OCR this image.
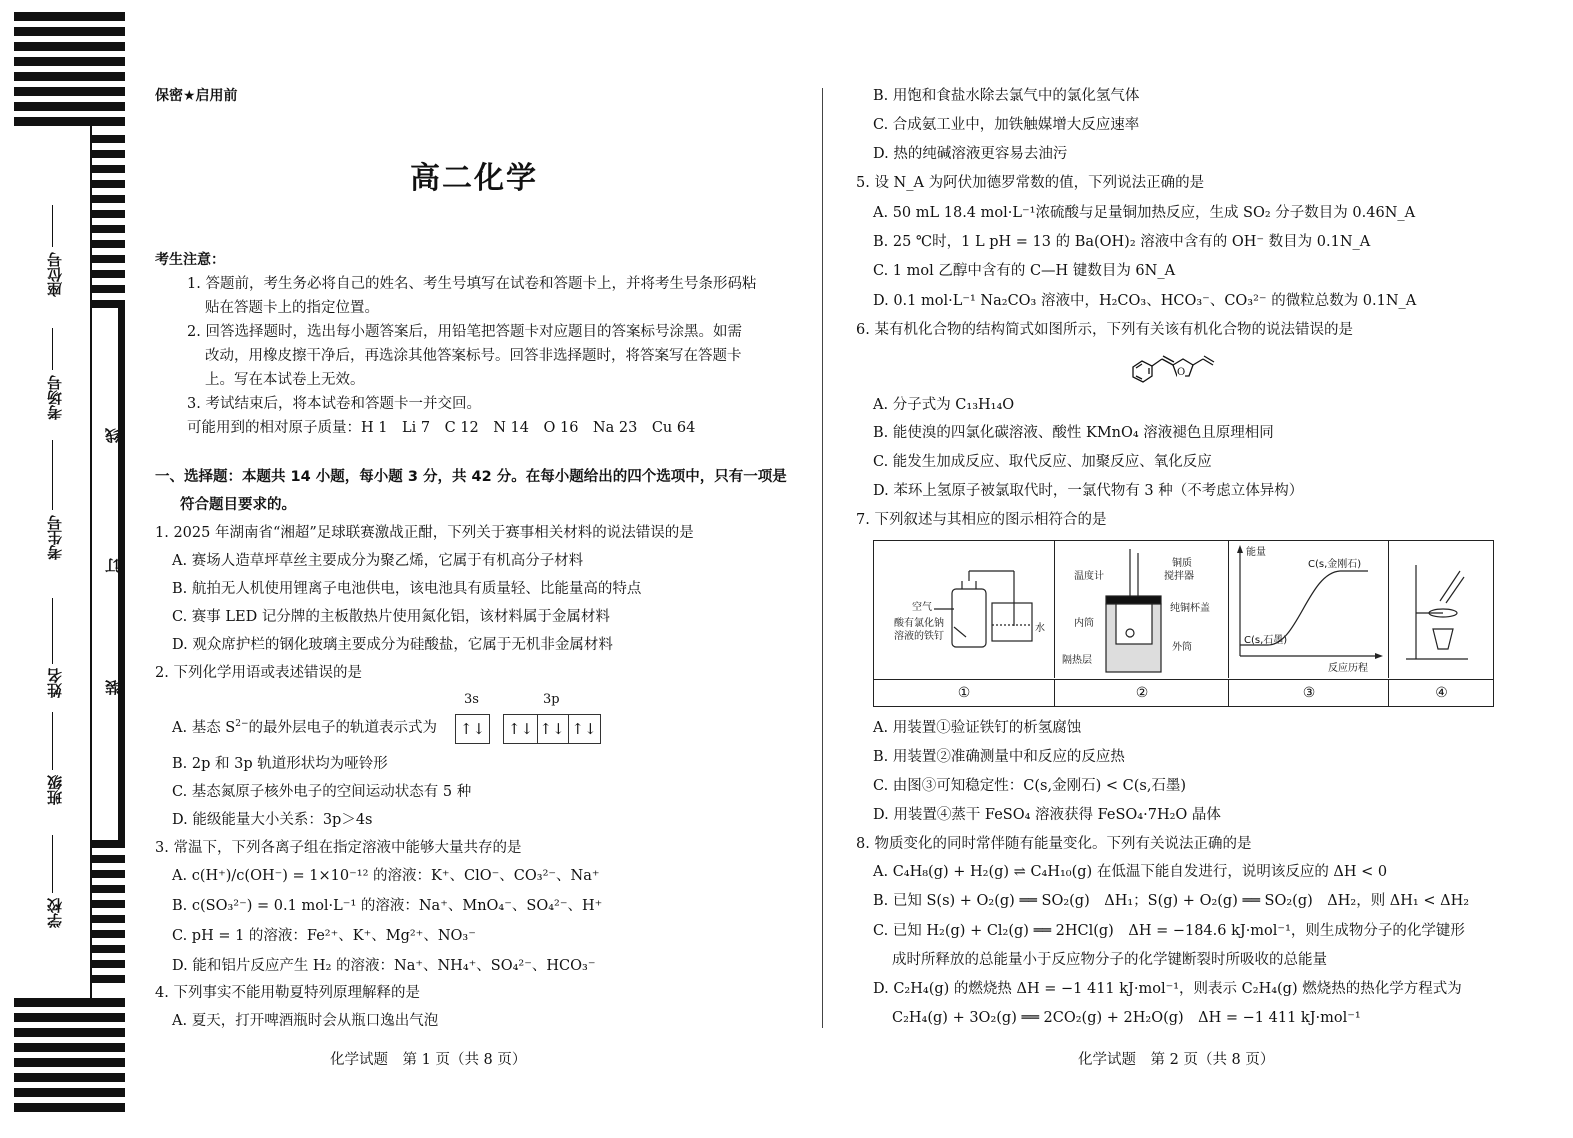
座位号
考场号
考生号
姓名
班级
学校
线
订
装
保密★启用前
高二化学
考生注意：
1. 答题前，考生务必将自己的姓名、考生号填写在试卷和答题卡上，并将考生号条形码粘
贴在答题卡上的指定位置。
2. 回答选择题时，选出每小题答案后，用铅笔把答题卡对应题目的答案标号涂黑。如需
改动，用橡皮擦干净后，再选涂其他答案标号。回答非选择题时，将答案写在答题卡
上。写在本试卷上无效。
3. 考试结束后，将本试卷和答题卡一并交回。
可能用到的相对原子质量：H 1　Li 7　C 12　N 14　O 16　Na 23　Cu 64
一、选择题：本题共 14 小题，每小题 3 分，共 42 分。在每小题给出的四个选项中，只有一项是
符合题目要求的。
1. 2025 年湖南省“湘超”足球联赛激战正酣，下列关于赛事相关材料的说法错误的是
A. 赛场人造草坪草丝主要成分为聚乙烯，它属于有机高分子材料
B. 航拍无人机使用锂离子电池供电，该电池具有质量轻、比能量高的特点
C. 赛事 LED 记分牌的主板散热片使用氮化铝，该材料属于金属材料
D. 观众席护栏的钢化玻璃主要成分为硅酸盐，它属于无机非金属材料
2. 下列化学用语或表述错误的是
3s	3p
A. 基态 $S^{2-}$的最外层电子的轨道表示式为	↑↓	↑↓ ↑↓ ↑↓
B. 2p 和 3p 轨道形状均为哑铃形
C. 基态氮原子核外电子的空间运动状态有 5 种
D. 能级能量大小关系：3p＞4s
3. 常温下，下列各离子组在指定溶液中能够大量共存的是
A. c(H⁺)/c(OH⁻) = 1×10⁻¹² 的溶液：K⁺、ClO⁻、CO₃²⁻、Na⁺
B. c(SO₃²⁻) = 0.1 mol·L⁻¹ 的溶液：Na⁺、MnO₄⁻、SO₄²⁻、H⁺
C. pH = 1 的溶液：Fe²⁺、K⁺、Mg²⁺、NO₃⁻
D. 能和铝片反应产生 H₂ 的溶液：Na⁺、NH₄⁺、SO₄²⁻、HCO₃⁻
4. 下列事实不能用勒夏特列原理解释的是
A. 夏天，打开啤酒瓶时会从瓶口逸出气泡
化学试题　第 1 页（共 8 页）
B. 用饱和食盐水除去氯气中的氯化氢气体
C. 合成氨工业中，加铁触媒增大反应速率
D. 热的纯碱溶液更容易去油污
5. 设 N_A 为阿伏加德罗常数的值，下列说法正确的是
A. 50 mL 18.4 mol·L⁻¹浓硫酸与足量铜加热反应，生成 SO₂ 分子数目为 0.46N_A
B. 25 ℃时，1 L pH = 13 的 Ba(OH)₂ 溶液中含有的 OH⁻ 数目为 0.1N_A
C. 1 mol 乙醇中含有的 C—H 键数目为 6N_A
D. 0.1 mol·L⁻¹ Na₂CO₃ 溶液中，H₂CO₃、HCO₃⁻、CO₃²⁻ 的微粒总数为 0.1N_A
6. 某有机化合物的结构简式如图所示，下列有关该有机化合物的说法错误的是
O
A. 分子式为 C₁₃H₁₄O
B. 能使溴的四氯化碳溶液、酸性 KMnO₄ 溶液褪色且原理相同
C. 能发生加成反应、取代反应、加聚反应、氧化反应
D. 苯环上氢原子被氯取代时，一氯代物有 3 种（不考虑立体异构）
7. 下列叙述与其相应的图示相符合的是
空气
酸有氯化钠
溶液的铁钉
水
温度计
铜质
搅拌器
纯铜杯盖
内筒
外筒
隔热层
能量
C(s,金刚石)
C(s,石墨)
反应历程
①	②	③	④
A. 用装置①验证铁钉的析氢腐蚀
B. 用装置②准确测量中和反应的反应热
C. 由图③可知稳定性：C(s,金刚石) < C(s,石墨)
D. 用装置④蒸干 FeSO₄ 溶液获得 FeSO₄·7H₂O 晶体
8. 物质变化的同时常伴随有能量变化。下列有关说法正确的是
A. C₄H₈(g) + H₂(g) ⇌ C₄H₁₀(g) 在低温下能自发进行，说明该反应的 ΔH < 0
B. 已知 S(s) + O₂(g) ══ SO₂(g)　ΔH₁；S(g) + O₂(g) ══ SO₂(g)　ΔH₂，则 ΔH₁ < ΔH₂
C. 已知 H₂(g) + Cl₂(g) ══ 2HCl(g)　ΔH = −184.6 kJ·mol⁻¹，则生成物分子的化学键形
成时所释放的总能量小于反应物分子的化学键断裂时所吸收的总能量
D. C₂H₄(g) 的燃烧热 ΔH = −1 411 kJ·mol⁻¹，则表示 C₂H₄(g) 燃烧热的热化学方程式为
C₂H₄(g) + 3O₂(g) ══ 2CO₂(g) + 2H₂O(g)　ΔH = −1 411 kJ·mol⁻¹
化学试题　第 2 页（共 8 页）
